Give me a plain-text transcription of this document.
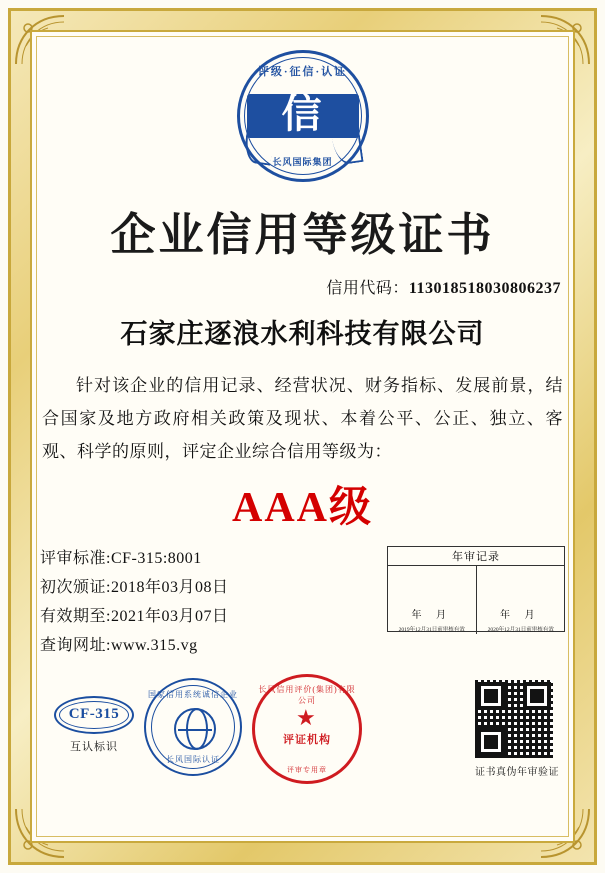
评级·征信·认证
信
长风国际集团
企业信用等级证书
信用代码：113018518030806237
石家庄逐浪水利科技有限公司
针对该企业的信用记录、经营状况、财务指标、发展前景，结合国家及地方政府相关政策及现状、本着公平、公正、独立、客观、科学的原则，评定企业综合信用等级为：
AAA级
评审标准:CF-315:8001
初次颁证:2018年03月08日
有效期至:2021年03月07日
查询网址:www.315.vg
年审记录
年 月
2019年12月31日前审核有效
年 月
2020年12月31日前审核有效
CF-315
互认标识
国家信用系统诚信企业
长风国际认证
长风信用评价(集团)有限公司
★
评证机构
评审专用章	证书真伪年审验证
